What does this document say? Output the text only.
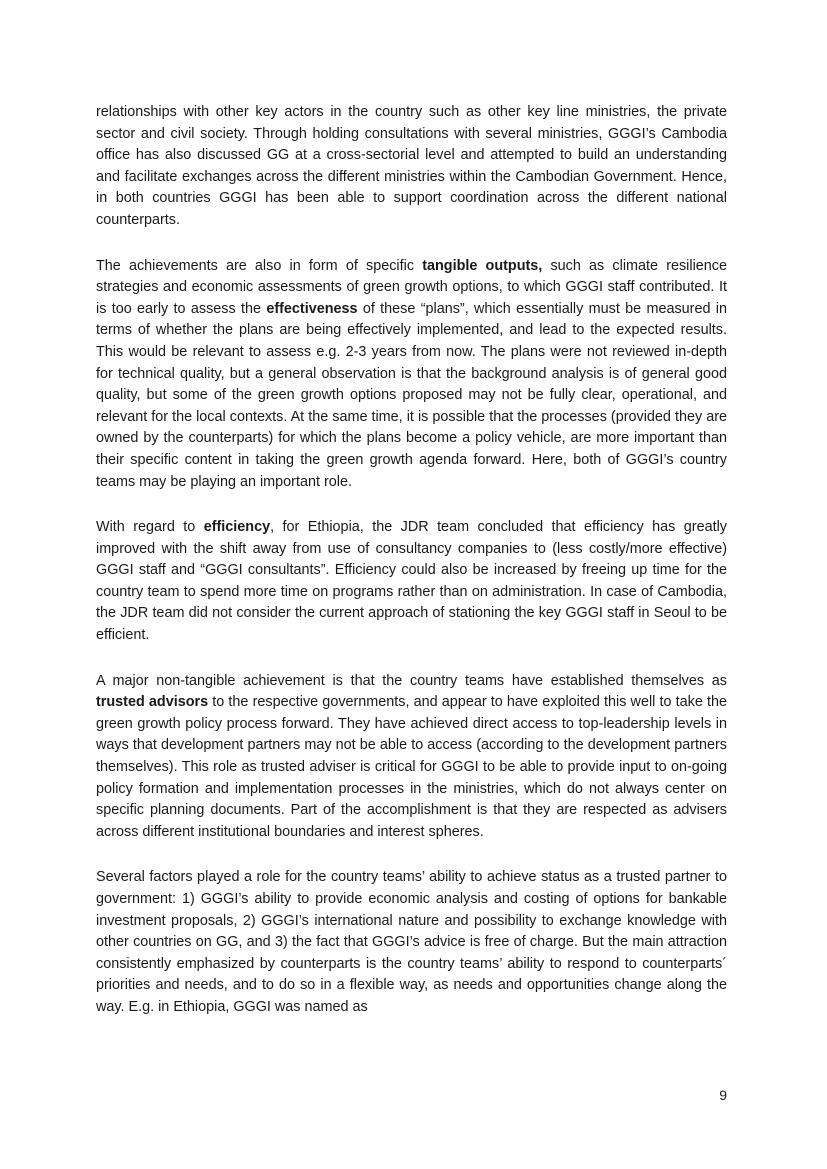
relationships with other key actors in the country such as other key line ministries, the private sector and civil society. Through holding consultations with several ministries, GGGI’s Cambodia office has also discussed GG at a cross-sectorial level and attempted to build an understanding and facilitate exchanges across the different ministries within the Cambodian Government. Hence, in both countries GGGI has been able to support coordination across the different national counterparts.

The achievements are also in form of specific tangible outputs, such as climate resilience strategies and economic assessments of green growth options, to which GGGI staff contributed. It is too early to assess the effectiveness of these “plans”, which essentially must be measured in terms of whether the plans are being effectively implemented, and lead to the expected results. This would be relevant to assess e.g. 2-3 years from now. The plans were not reviewed in-depth for technical quality, but a general observation is that the background analysis is of general good quality, but some of the green growth options proposed may not be fully clear, operational, and relevant for the local contexts. At the same time, it is possible that the processes (provided they are owned by the counterparts) for which the plans become a policy vehicle, are more important than their specific content in taking the green growth agenda forward. Here, both of GGGI’s country teams may be playing an important role.

With regard to efficiency, for Ethiopia, the JDR team concluded that efficiency has greatly improved with the shift away from use of consultancy companies to (less costly/more effective) GGGI staff and “GGGI consultants”. Efficiency could also be increased by freeing up time for the country team to spend more time on programs rather than on administration. In case of Cambodia, the JDR team did not consider the current approach of stationing the key GGGI staff in Seoul to be efficient.

A major non-tangible achievement is that the country teams have established themselves as trusted advisors to the respective governments, and appear to have exploited this well to take the green growth policy process forward. They have achieved direct access to top-leadership levels in ways that development partners may not be able to access (according to the development partners themselves). This role as trusted adviser is critical for GGGI to be able to provide input to on-going policy formation and implementation processes in the ministries, which do not always center on specific planning documents. Part of the accomplishment is that they are respected as advisers across different institutional boundaries and interest spheres.

Several factors played a role for the country teams’ ability to achieve status as a trusted partner to government: 1) GGGI’s ability to provide economic analysis and costing of options for bankable investment proposals, 2) GGGI’s international nature and possibility to exchange knowledge with other countries on GG, and 3) the fact that GGGI’s advice is free of charge. But the main attraction consistently emphasized by counterparts is the country teams’ ability to respond to counterparts´ priorities and needs, and to do so in a flexible way, as needs and opportunities change along the way. E.g. in Ethiopia, GGGI was named as

9
